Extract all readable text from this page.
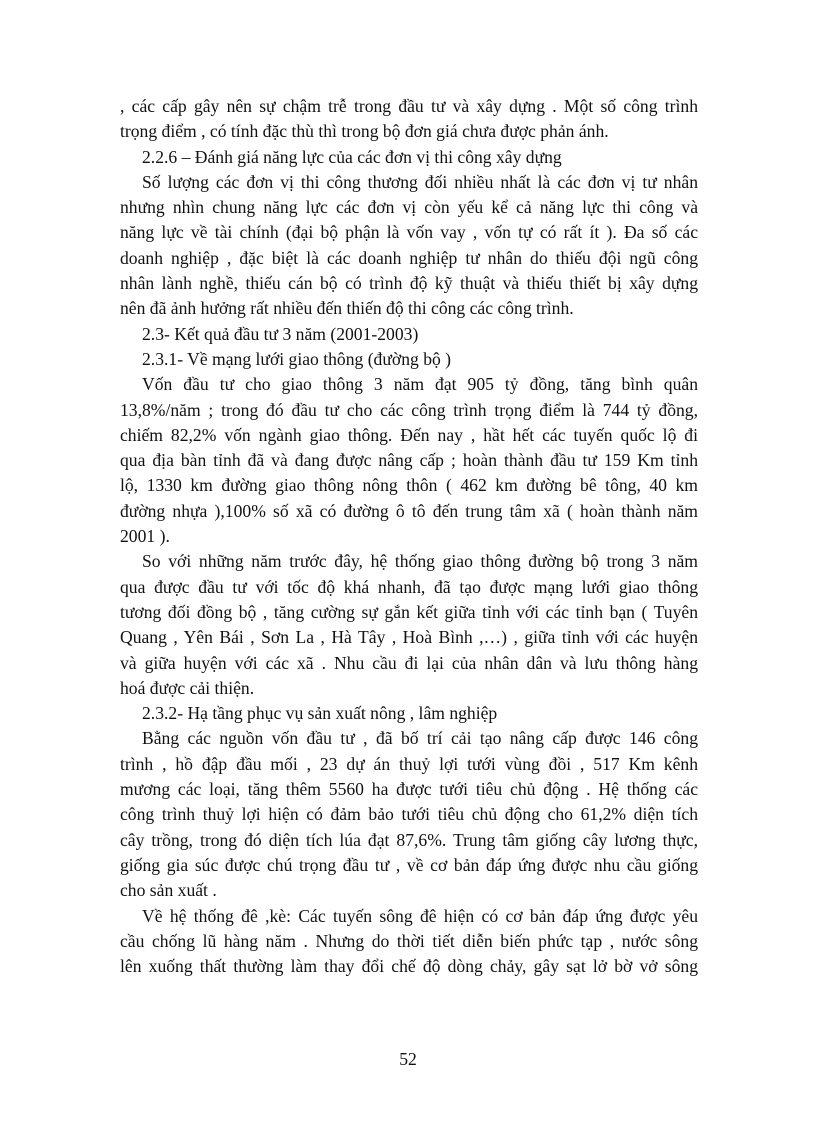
, các cấp gây nên sự chậm trễ trong đầu tư và xây dựng . Một số công trình
trọng điểm , có tính đặc thù thì trong bộ đơn giá chưa được phản ánh.
2.2.6 – Đánh giá năng lực của các đơn vị thi công xây dựng
Số lượng các đơn vị thi công thương đối nhiều nhất là các đơn vị tư nhân
nhưng nhìn chung năng lực các đơn vị còn yếu kể cả năng lực thi công và
năng lực về tài chính (đại bộ phận là vốn vay , vốn tự có rất ít ). Đa số các
doanh nghiệp , đặc biệt là các doanh nghiệp tư nhân do thiếu đội ngũ công
nhân lành nghề, thiếu cán bộ có trình độ kỹ thuật và thiếu thiết bị xây dựng
nên đã ảnh hưởng rất nhiều đến thiến độ thi công các công trình.
2.3- Kết quả đầu tư 3 năm (2001-2003)
2.3.1- Về mạng lưới giao thông (đường bộ )
Vốn đầu tư cho giao thông 3 năm đạt 905 tỷ đồng, tăng bình quân
13,8%/năm ; trong đó đầu tư cho các công trình trọng điểm là 744 tỷ đồng,
chiếm 82,2% vốn ngành giao thông. Đến nay , hầt hết các tuyến quốc lộ đi
qua địa bàn tỉnh đã và đang được nâng cấp ; hoàn thành đầu tư 159 Km tỉnh
lộ, 1330 km đường giao thông nông thôn ( 462 km đường bê tông, 40 km
đường nhựa ),100% số xã có đường ô tô đến trung tâm xã ( hoàn thành năm
2001 ).
So với những năm trước đây, hệ thống giao thông đường bộ trong 3 năm
qua được đầu tư với tốc độ khá nhanh, đã tạo được mạng lưới giao thông
tương đối đồng bộ , tăng cường sự gắn kết giữa tỉnh với các tỉnh bạn ( Tuyên
Quang , Yên Bái , Sơn La , Hà Tây , Hoà Bình ,…) , giữa tỉnh với các huyện
và giữa huyện với các xã . Nhu cầu đi lại của nhân dân và lưu thông hàng
hoá được cải thiện.
2.3.2- Hạ tầng phục vụ sản xuất nông , lâm nghiệp
Bằng các nguồn vốn đầu tư , đã bố trí cải tạo nâng cấp được 146 công
trình , hồ đập đầu mối , 23 dự án thuỷ lợi tưới vùng đồi , 517 Km kênh
mương các loại, tăng thêm 5560 ha được tưới tiêu chủ động . Hệ thống các
công trình thuỷ lợi hiện có đảm bảo tưới tiêu chủ động cho 61,2% diện tích
cây trồng, trong đó diện tích lúa đạt 87,6%. Trung tâm giống cây lương thực,
giống gia súc được chú trọng đầu tư , về cơ bản đáp ứng được nhu cầu giống
cho sản xuất .
Về hệ thống đê ,kè: Các tuyến sông đê hiện có cơ bản đáp ứng được yêu
cầu chống lũ hàng năm . Nhưng do thời tiết diễn biến phức tạp , nước sông
lên xuống thất thường làm thay đổi chế độ dòng chảy, gây sạt lở bờ vở sông
52
